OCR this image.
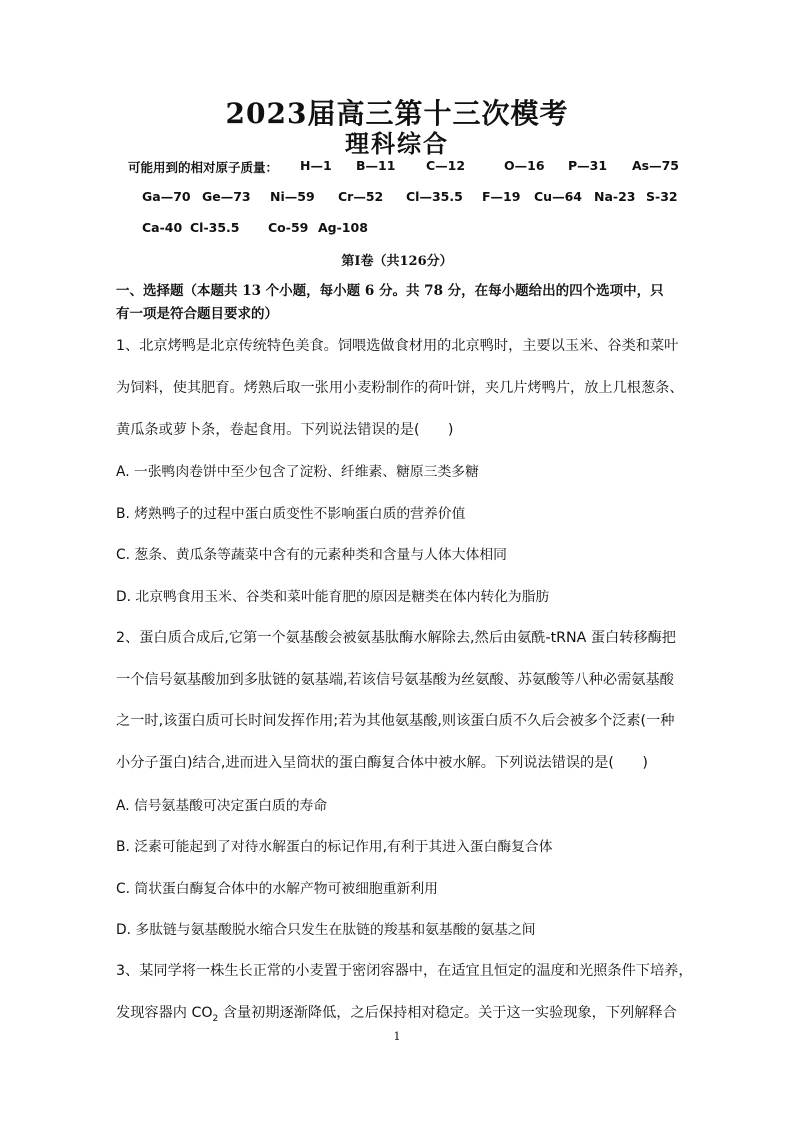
2023届高三第十三次模考
理科综合
可能用到的相对原子质量： H—1 B—11 C—12	O—16 P—31 As—75
Ga—70 Ge—73 Ni—59 Cr—52 Cl—35.5 F—19 Cu—64 Na-23 S-32
Ca-40 Cl-35.5 Co-59 Ag-108
第Ⅰ卷（共126分）
一、选择题（本题共 13 个小题，每小题 6 分。共 78 分，在每小题给出的四个选项中，只
有一项是符合题目要求的）
1、北京烤鸭是北京传统特色美食。饲喂选做食材用的北京鸭时，主要以玉米、谷类和菜叶
为饲料，使其肥育。烤熟后取一张用小麦粉制作的荷叶饼，夹几片烤鸭片，放上几根葱条、
黄瓜条或萝卜条，卷起食用。下列说法错误的是(　　)
A. 一张鸭肉卷饼中至少包含了淀粉、纤维素、糖原三类多糖
B. 烤熟鸭子的过程中蛋白质变性不影响蛋白质的营养价值
C. 葱条、黄瓜条等蔬菜中含有的元素种类和含量与人体大体相同
D. 北京鸭食用玉米、谷类和菜叶能育肥的原因是糖类在体内转化为脂肪
2、蛋白质合成后,它第一个氨基酸会被氨基肽酶水解除去,然后由氨酰-tRNA 蛋白转移酶把
一个信号氨基酸加到多肽链的氨基端,若该信号氨基酸为丝氨酸、苏氨酸等八种必需氨基酸
之一时,该蛋白质可长时间发挥作用;若为其他氨基酸,则该蛋白质不久后会被多个泛素(一种
小分子蛋白)结合,进而进入呈筒状的蛋白酶复合体中被水解。下列说法错误的是(　　)
A. 信号氨基酸可决定蛋白质的寿命
B. 泛素可能起到了对待水解蛋白的标记作用,有利于其进入蛋白酶复合体
C. 筒状蛋白酶复合体中的水解产物可被细胞重新利用
D. 多肽链与氨基酸脱水缩合只发生在肽链的羧基和氨基酸的氨基之间
3、某同学将一株生长正常的小麦置于密闭容器中，在适宜且恒定的温度和光照条件下培养，
发现容器内 $CO_2$ 含量初期逐渐降低，之后保持相对稳定。关于这一实验现象，下列解释合
1
